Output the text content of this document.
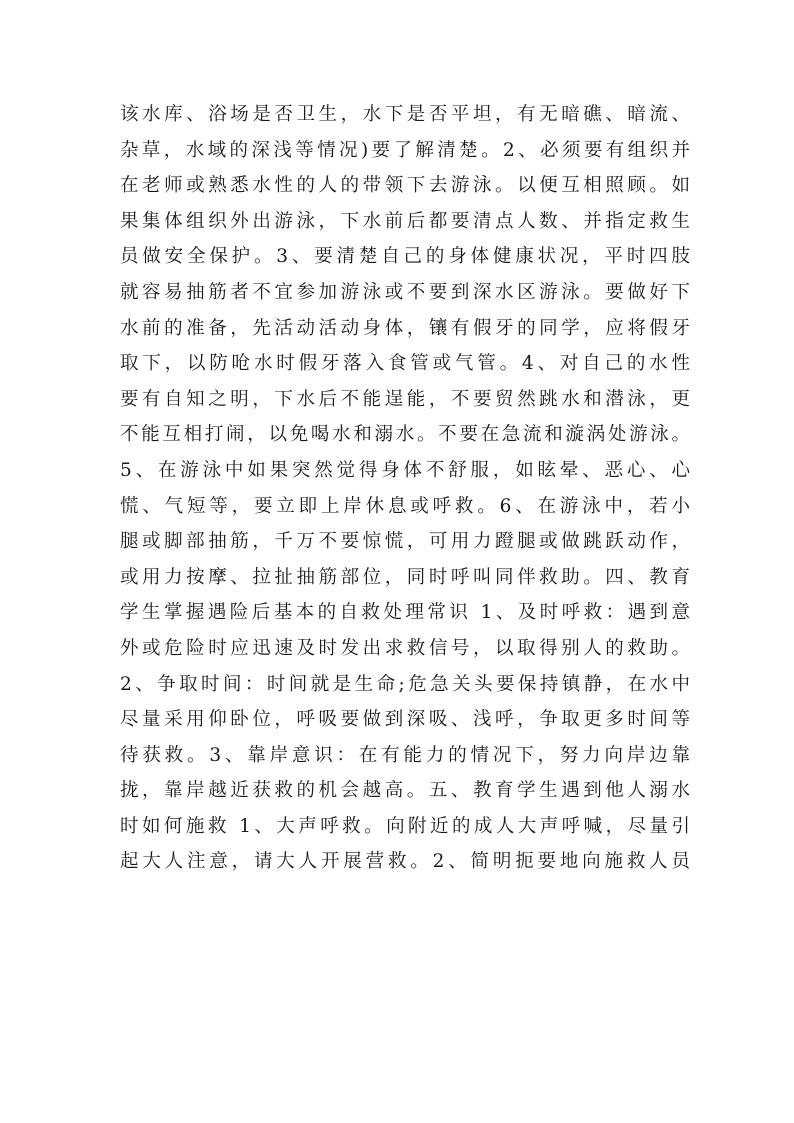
该水库、浴场是否卫生，水下是否平坦，有无暗礁、暗流、
杂草，水域的深浅等情况)要了解清楚。2、必须要有组织并
在老师或熟悉水性的人的带领下去游泳。以便互相照顾。如
果集体组织外出游泳，下水前后都要清点人数、并指定救生
员做安全保护。3、要清楚自己的身体健康状况，平时四肢
就容易抽筋者不宜参加游泳或不要到深水区游泳。要做好下
水前的准备，先活动活动身体，镶有假牙的同学，应将假牙
取下，以防呛水时假牙落入食管或气管。4、对自己的水性
要有自知之明，下水后不能逞能，不要贸然跳水和潜泳，更
不能互相打闹，以免喝水和溺水。不要在急流和漩涡处游泳。
5、在游泳中如果突然觉得身体不舒服，如眩晕、恶心、心
慌、气短等，要立即上岸休息或呼救。6、在游泳中，若小
腿或脚部抽筋，千万不要惊慌，可用力蹬腿或做跳跃动作，
或用力按摩、拉扯抽筋部位，同时呼叫同伴救助。四、教育
学生掌握遇险后基本的自救处理常识 1、及时呼救：遇到意
外或危险时应迅速及时发出求救信号，以取得别人的救助。
2、争取时间：时间就是生命;危急关头要保持镇静，在水中
尽量采用仰卧位，呼吸要做到深吸、浅呼，争取更多时间等
待获救。3、靠岸意识：在有能力的情况下，努力向岸边靠
拢，靠岸越近获救的机会越高。五、教育学生遇到他人溺水
时如何施救 1、大声呼救。向附近的成人大声呼喊，尽量引
起大人注意，请大人开展营救。2、简明扼要地向施救人员
